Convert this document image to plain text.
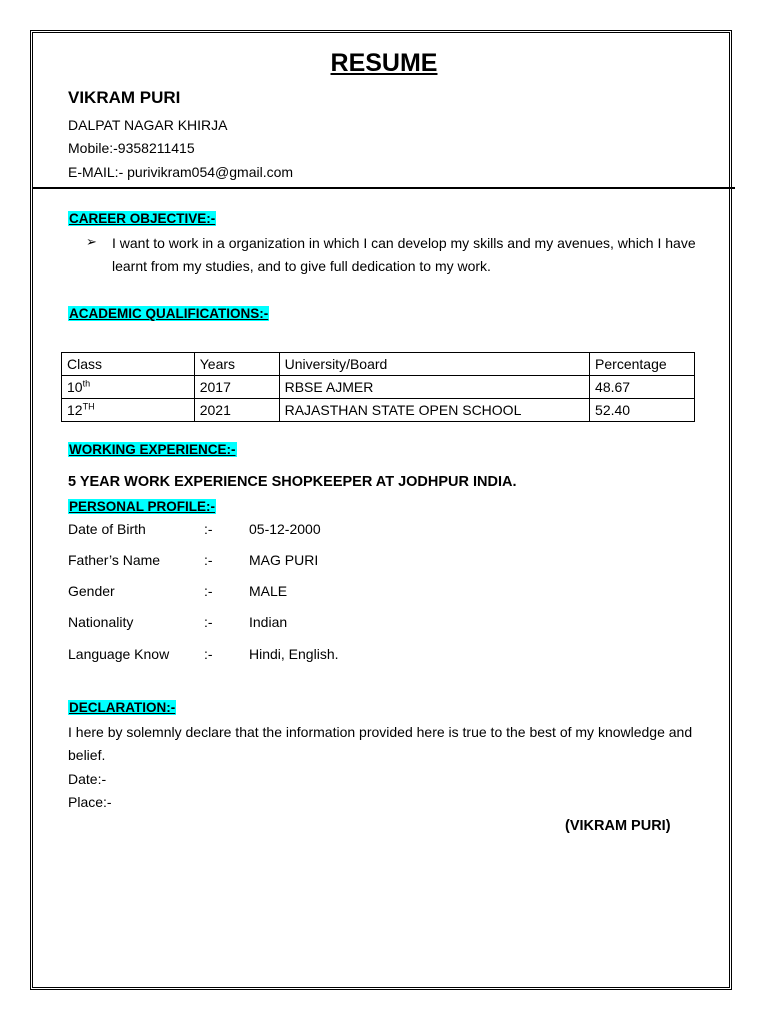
RESUME
VIKRAM PURI
DALPAT NAGAR KHIRJA
Mobile:-9358211415
E-MAIL:- purivikram054@gmail.com
CAREER OBJECTIVE:-
➢ I want to work in a organization in which I can develop my skills and my avenues, which I have learnt from my studies, and to give full dedication to my work.
ACADEMIC QUALIFICATIONS:-
Class	Years	University/Board	Percentage
10th	2017	RBSE AJMER	48.67
12TH	2021	RAJASTHAN STATE OPEN SCHOOL	52.40
WORKING EXPERIENCE:-
5 YEAR WORK EXPERIENCE SHOPKEEPER AT JODHPUR INDIA.
PERSONAL PROFILE:-
Date of Birth	:-	05-12-2000
Father’s Name	:-	MAG PURI
Gender	:-	MALE
Nationality	:-	Indian
Language Know :-	Hindi, English.
DECLARATION:-
I here by solemnly declare that the information provided here is true to the best of my knowledge and belief.
Date:-
Place:-
(VIKRAM PURI)
